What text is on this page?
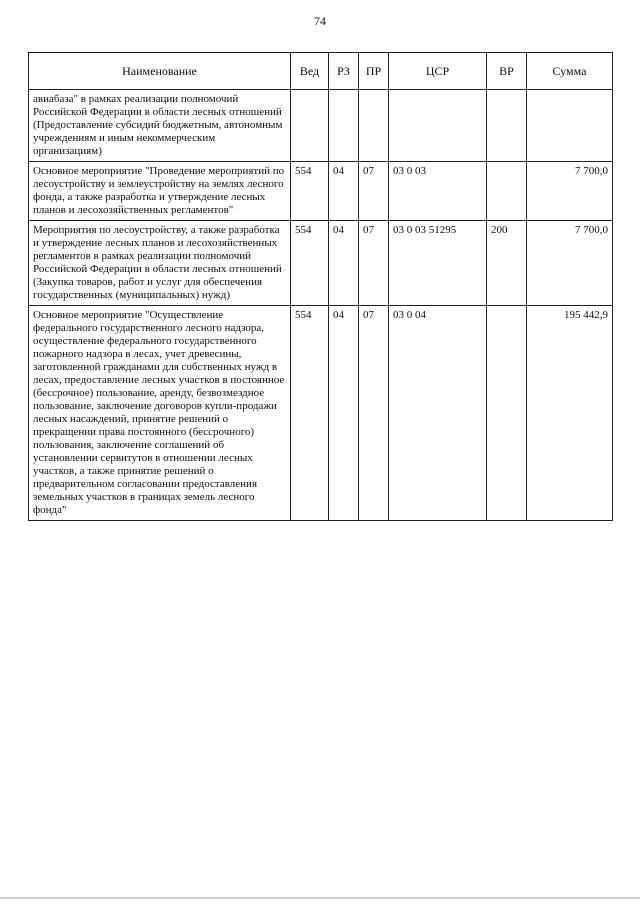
74
Наименование	Вед	РЗ	ПР	ЦСР	ВР	Сумма
авиабаза" в рамках реализации полномочий Российской Федерации в области лесных отношений (Предоставление субсидий бюджетным, автономным учреждениям и иным некоммерческим организациям)						
Основное мероприятие "Проведение мероприятий по лесоустройству и землеустройству на землях лесного фонда, а также разработка и утверждение лесных планов и лесохозяйственных регламентов"	554	04	07	03 0 03		7 700,0
Мероприятия по лесоустройству, а также разработка и утверждение лесных планов и лесохозяйственных регламентов в рамках реализации полномочий Российской Федерации в области лесных отношений (Закупка товаров, работ и услуг для обеспечения государственных (муниципальных) нужд)	554	04	07	03 0 03 51295	200	7 700,0
Основное мероприятие "Осуществление федерального государственного лесного надзора, осуществление федерального государственного пожарного надзора в лесах, учет древесины, заготовленной гражданами для собственных нужд в лесах, предоставление лесных участков в постоянное (бессрочное) пользование, аренду, безвозмездное пользование, заключение договоров купли-продажи лесных насаждений, принятие решений о прекращении права постоянного (бессрочного) пользования, заключение соглашений об установлении сервитутов в отношении лесных участков, а также принятие решений о предварительном согласовании предоставления земельных участков в границах земель лесного фонда"	554	04	07	03 0 04		195 442,9
